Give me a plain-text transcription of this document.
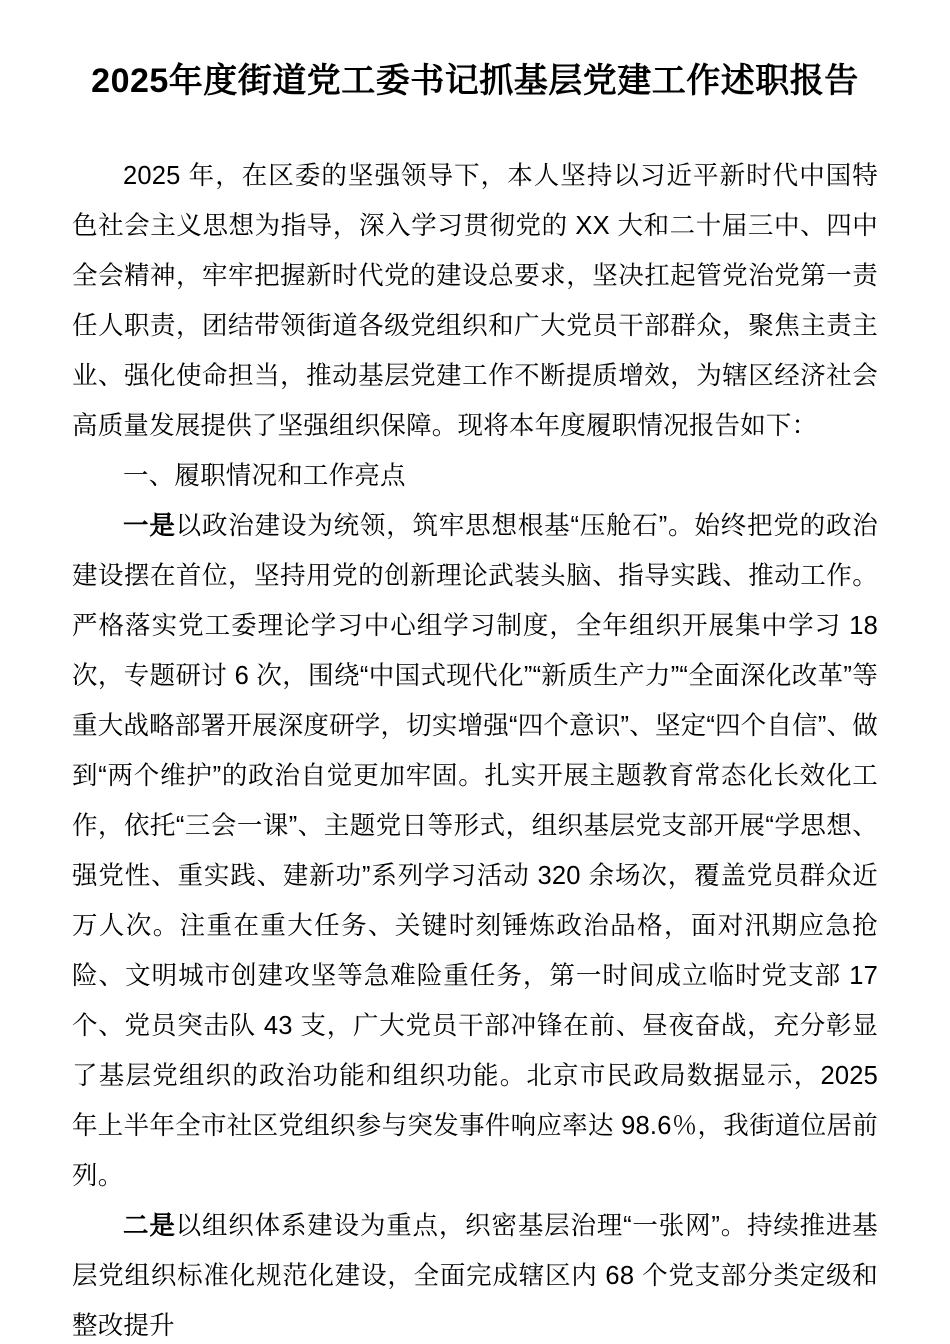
2025年度街道党工委书记抓基层党建工作述职报告

2025 年，在区委的坚强领导下，本人坚持以习近平新时代中国特色社会主义思想为指导，深入学习贯彻党的 XX 大和二十届三中、四中全会精神，牢牢把握新时代党的建设总要求，坚决扛起管党治党第一责任人职责，团结带领街道各级党组织和广大党员干部群众，聚焦主责主业、强化使命担当，推动基层党建工作不断提质增效，为辖区经济社会高质量发展提供了坚强组织保障。现将本年度履职情况报告如下：

一、履职情况和工作亮点

一是以政治建设为统领，筑牢思想根基“压舱石”。始终把党的政治建设摆在首位，坚持用党的创新理论武装头脑、指导实践、推动工作。严格落实党工委理论学习中心组学习制度，全年组织开展集中学习 18 次，专题研讨 6 次，围绕“中国式现代化”“新质生产力”“全面深化改革”等重大战略部署开展深度研学，切实增强“四个意识”、坚定“四个自信”、做到“两个维护”的政治自觉更加牢固。扎实开展主题教育常态化长效化工作，依托“三会一课”、主题党日等形式，组织基层党支部开展“学思想、强党性、重实践、建新功”系列学习活动 320 余场次，覆盖党员群众近万人次。注重在重大任务、关键时刻锤炼政治品格，面对汛期应急抢险、文明城市创建攻坚等急难险重任务，第一时间成立临时党支部 17 个、党员突击队 43 支，广大党员干部冲锋在前、昼夜奋战，充分彰显了基层党组织的政治功能和组织功能。北京市民政局数据显示，2025 年上半年全市社区党组织参与突发事件响应率达 98.6％，我街道位居前列。

二是以组织体系建设为重点，织密基层治理“一张网”。持续推进基层党组织标准化规范化建设，全面完成辖区内 68 个党支部分类定级和整改提升
